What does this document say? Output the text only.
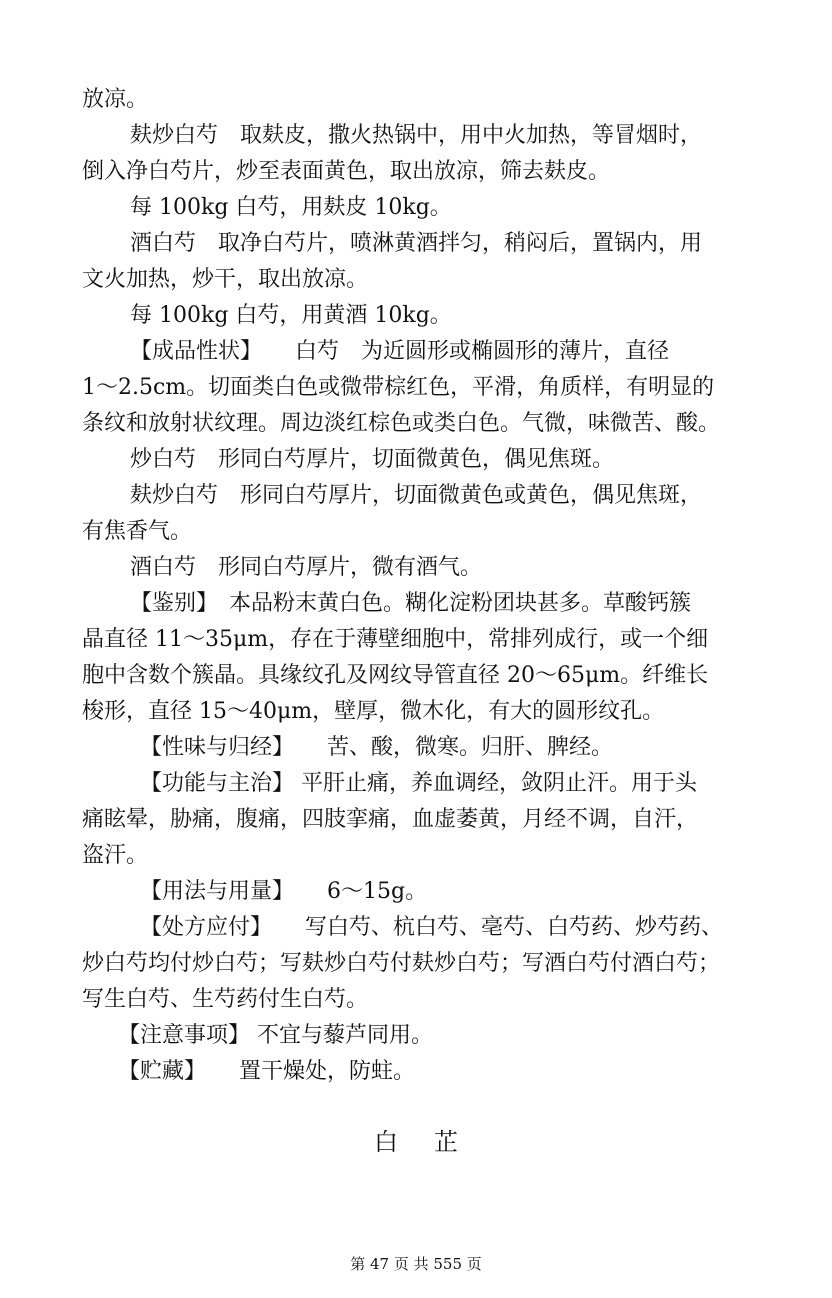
放凉。
麸炒白芍　取麸皮，撒火热锅中，用中火加热，等冒烟时，
倒入净白芍片，炒至表面黄色，取出放凉，筛去麸皮。
每 100kg 白芍，用麸皮 10kg。
酒白芍　取净白芍片，喷淋黄酒拌匀，稍闷后，置锅内，用
文火加热，炒干，取出放凉。
每 100kg 白芍，用黄酒 10kg。
【成品性状】　　白芍　为近圆形或椭圆形的薄片，直径
1～2.5cm。切面类白色或微带棕红色，平滑，角质样，有明显的
条纹和放射状纹理。周边淡红棕色或类白色。气微，味微苦、酸。
炒白芍　形同白芍厚片，切面微黄色，偶见焦斑。
麸炒白芍　形同白芍厚片，切面微黄色或黄色，偶见焦斑，
有焦香气。
酒白芍　形同白芍厚片，微有酒气。
【鉴别】　本品粉末黄白色。糊化淀粉团块甚多。草酸钙簇
晶直径 11～35μm，存在于薄壁细胞中，常排列成行，或一个细
胞中含数个簇晶。具缘纹孔及网纹导管直径 20～65μm。纤维长
梭形，直径 15～40μm，壁厚，微木化，有大的圆形纹孔。
【性味与归经】　　苦、酸，微寒。归肝、脾经。
【功能与主治】 平肝止痛，养血调经，敛阴止汗。用于头
痛眩晕，胁痛，腹痛，四肢挛痛，血虚萎黄，月经不调，自汗，
盗汗。
【用法与用量】　　6～15g。
【处方应付】　　写白芍、杭白芍、亳芍、白芍药、炒芍药、
炒白芍均付炒白芍；写麸炒白芍付麸炒白芍；写酒白芍付酒白芍；
写生白芍、生芍药付生白芍。
【注意事项】 不宜与藜芦同用。
【贮藏】　　置干燥处，防蛀。
白 芷
第 47 页 共 555 页
